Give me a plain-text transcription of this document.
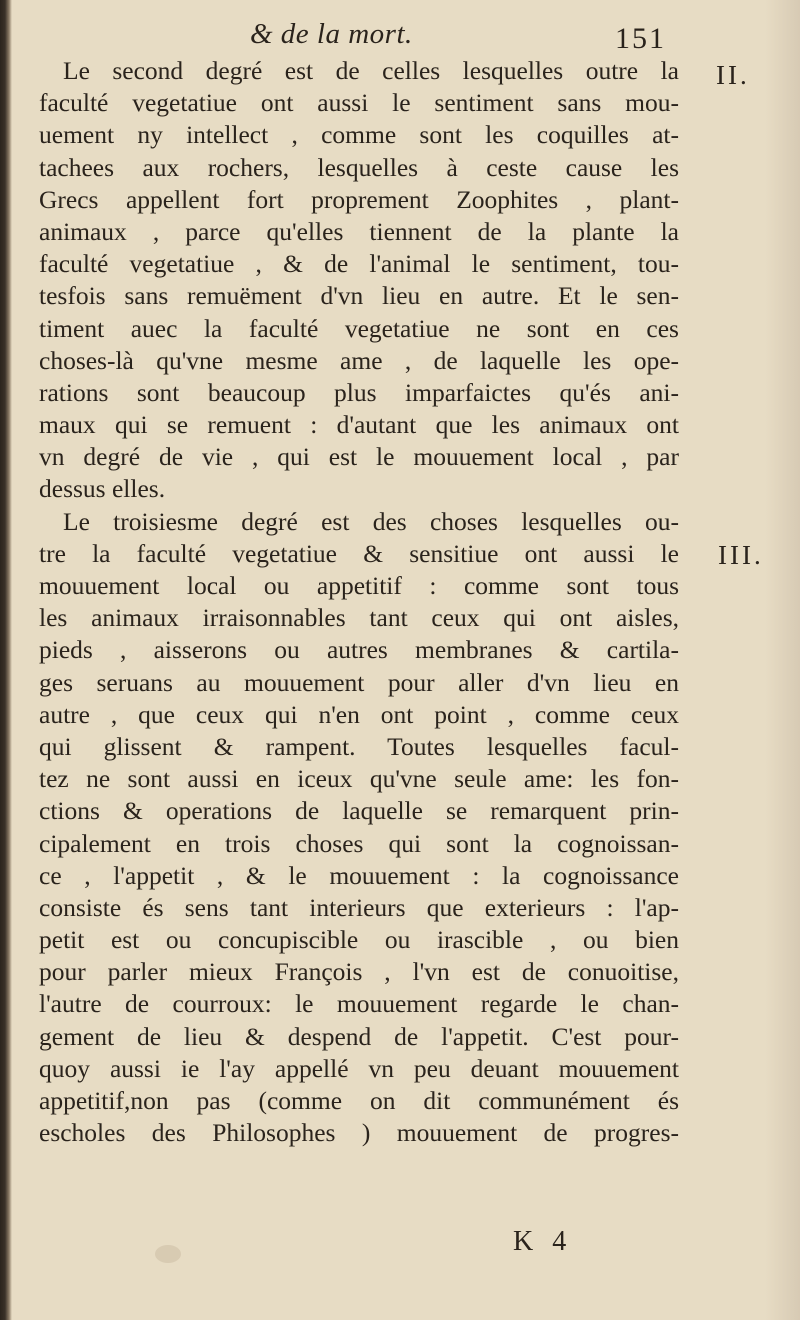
& de la mort.	151
II.
III.
Le second degré est de celles lesquelles outre la
faculté vegetatiue ont aussi le sentiment sans mou-
uement ny intellect , comme sont les coquilles at-
tachees aux rochers, lesquelles à ceste cause les
Grecs appellent fort proprement Zoophites , plant-
animaux , parce qu'elles tiennent de la plante la
faculté vegetatiue , & de l'animal le sentiment, tou-
tesfois sans remuëment d'vn lieu en autre. Et le sen-
timent auec la faculté vegetatiue ne sont en ces
choses-là qu'vne mesme ame , de laquelle les ope-
rations sont beaucoup plus imparfaictes qu'és ani-
maux qui se remuent : d'autant que les animaux ont
vn degré de vie , qui est le mouuement local , par
dessus elles.
Le troisiesme degré est des choses lesquelles ou-
tre la faculté vegetatiue & sensitiue ont aussi le
mouuement local ou appetitif : comme sont tous
les animaux irraisonnables tant ceux qui ont aisles,
pieds , aisserons ou autres membranes & cartila-
ges seruans au mouuement pour aller d'vn lieu en
autre , que ceux qui n'en ont point , comme ceux
qui glissent & rampent. Toutes lesquelles facul-
tez ne sont aussi en iceux qu'vne seule ame: les fon-
ctions & operations de laquelle se remarquent prin-
cipalement en trois choses qui sont la cognoissan-
ce , l'appetit , & le mouuement : la cognoissance
consiste és sens tant interieurs que exterieurs : l'ap-
petit est ou concupiscible ou irascible , ou bien
pour parler mieux François , l'vn est de conuoitise,
l'autre de courroux: le mouuement regarde le chan-
gement de lieu & despend de l'appetit. C'est pour-
quoy aussi ie l'ay appellé vn peu deuant mouuement
appetitif,non pas (comme on dit communément és
escholes des Philosophes ) mouuement de progres-
K 4
